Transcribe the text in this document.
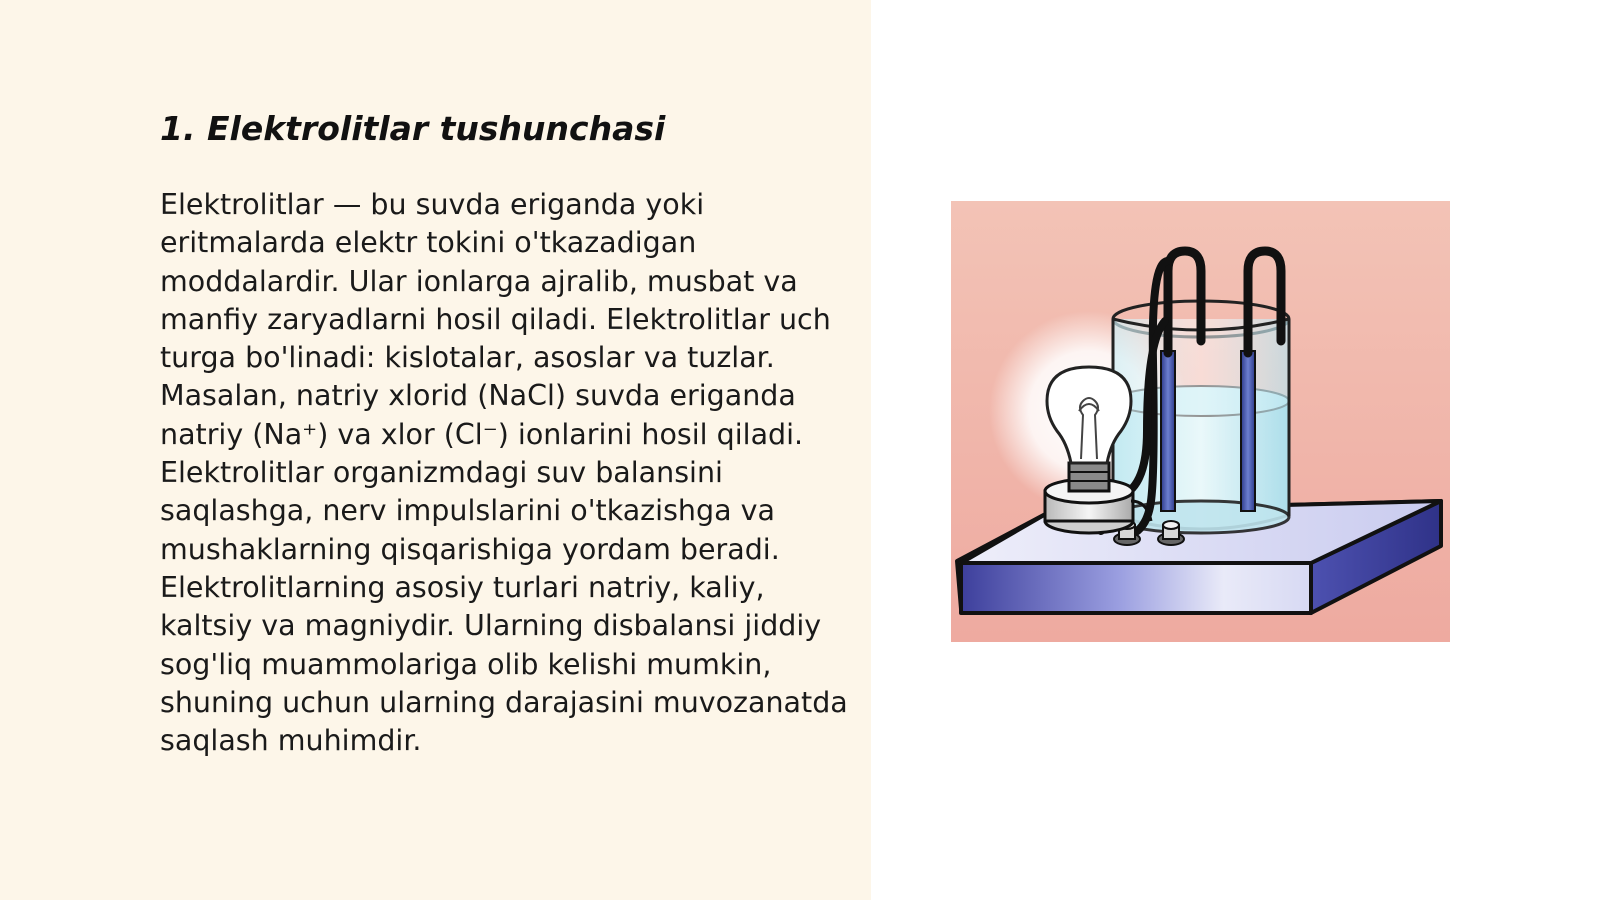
1. Elektrolitlar tushunchasi

Elektrolitlar — bu suvda eriganda yoki eritmalarda elektr tokini o'tkazadigan moddalardir. Ular ionlarga ajralib, musbat va manfiy zaryadlarni hosil qiladi. Elektrolitlar uch turga bo'linadi: kislotalar, asoslar va tuzlar. Masalan, natriy xlorid (NaCl) suvda eriganda natriy (Na⁺) va xlor (Cl⁻) ionlarini hosil qiladi. Elektrolitlar organizmdagi suv balansini saqlashga, nerv impulslarini o'tkazishga va mushaklarning qisqarishiga yordam beradi. Elektrolitlarning asosiy turlari natriy, kaliy, kaltsiy va magniydir. Ularning disbalansi jiddiy sog'liq muammolariga olib kelishi mumkin, shuning uchun ularning darajasini muvozanatda saqlash muhimdir.
